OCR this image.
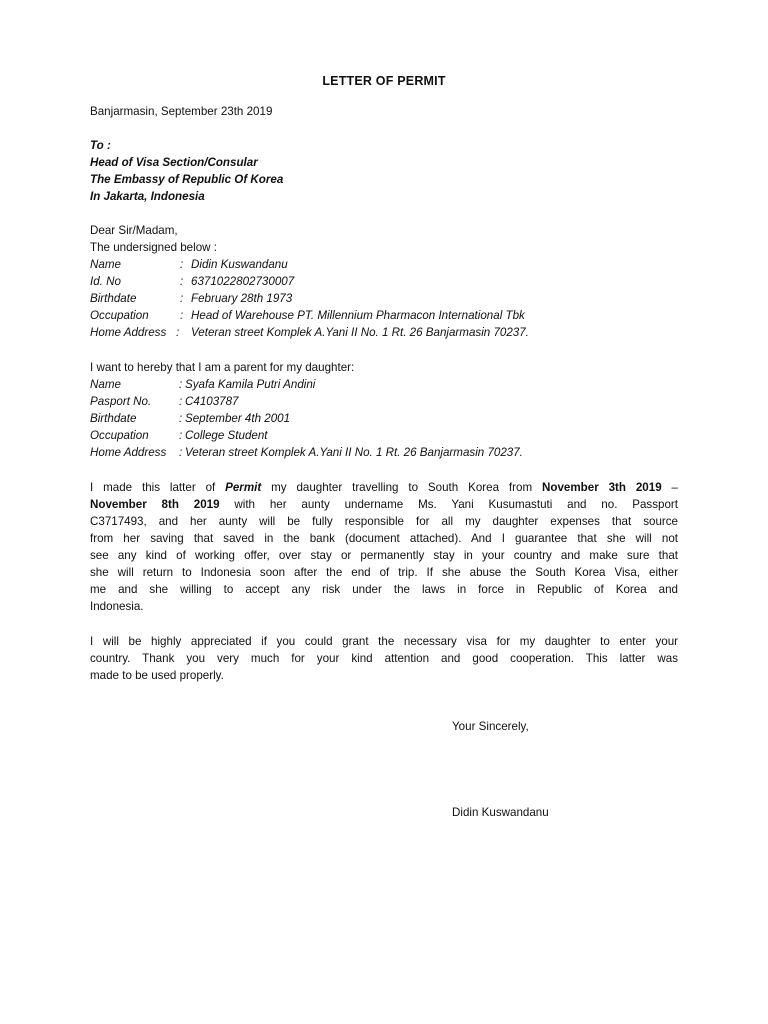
LETTER OF PERMIT
Banjarmasin, September 23th 2019
To :
Head of Visa Section/Consular
The Embassy of Republic Of Korea
In Jakarta, Indonesia
Dear Sir/Madam,
The undersigned below :
Name	: Didin Kuswandanu
Id. No	: 6371022802730007
Birthdate	: February 28th 1973
Occupation	: Head of Warehouse PT. Millennium Pharmacon International Tbk
Home Address : Veteran street Komplek A.Yani II No. 1 Rt. 26 Banjarmasin 70237.
I want to hereby that I am a parent for my daughter:
Name	: Syafa Kamila Putri Andini
Pasport No. : C4103787
Birthdate	: September 4th 2001
Occupation	: College Student
Home Address : Veteran street Komplek A.Yani II No. 1 Rt. 26 Banjarmasin 70237.
I made this latter of Permit my daughter travelling to South Korea from November 3th 2019 –
November 8th 2019 with her aunty undername Ms. Yani Kusumastuti and no. Passport
C3717493, and her aunty will be fully responsible for all my daughter expenses that source
from her saving that saved in the bank (document attached). And I guarantee that she will not
see any kind of working offer, over stay or permanently stay in your country and make sure that
she will return to Indonesia soon after the end of trip. If she abuse the South Korea Visa, either
me and she willing to accept any risk under the laws in force in Republic of Korea and
Indonesia.
I will be highly appreciated if you could grant the necessary visa for my daughter to enter your
country. Thank you very much for your kind attention and good cooperation. This latter was
made to be used properly.
Your Sincerely,
Didin Kuswandanu
